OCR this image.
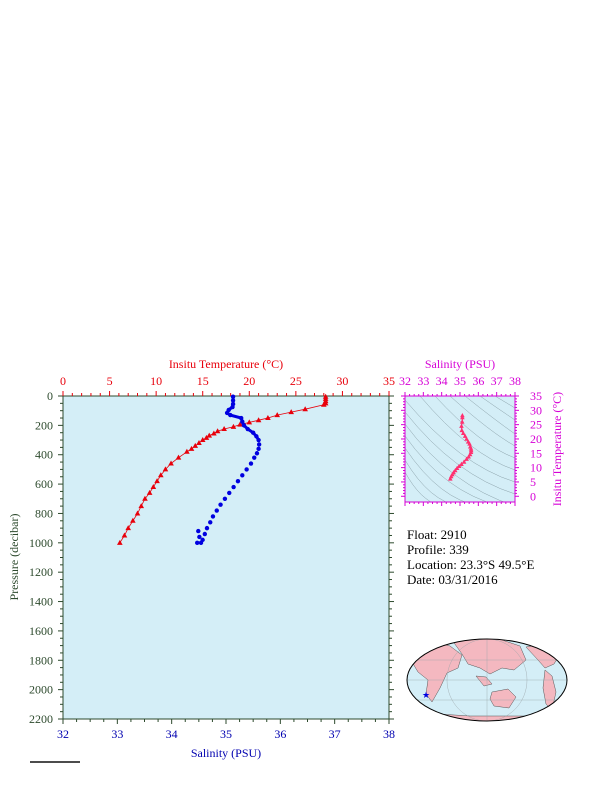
Insitu Temperature (°C)
0	5	10	15	20	25	30	35
Pressure (decibar)
0
200
400
600
800
1000
1200
1400
1600
1800
2000
2200
Salinity (PSU)
32	33	34	35	36	37	38
Salinity (PSU)
32 33 34 35 36 37 38
Insitu Temperature (°C)
0
5
10
15
20
25
30
35
Float: 2910
Profile: 339
Location: 23.3°S 49.5°E
Date: 03/31/2016
★
